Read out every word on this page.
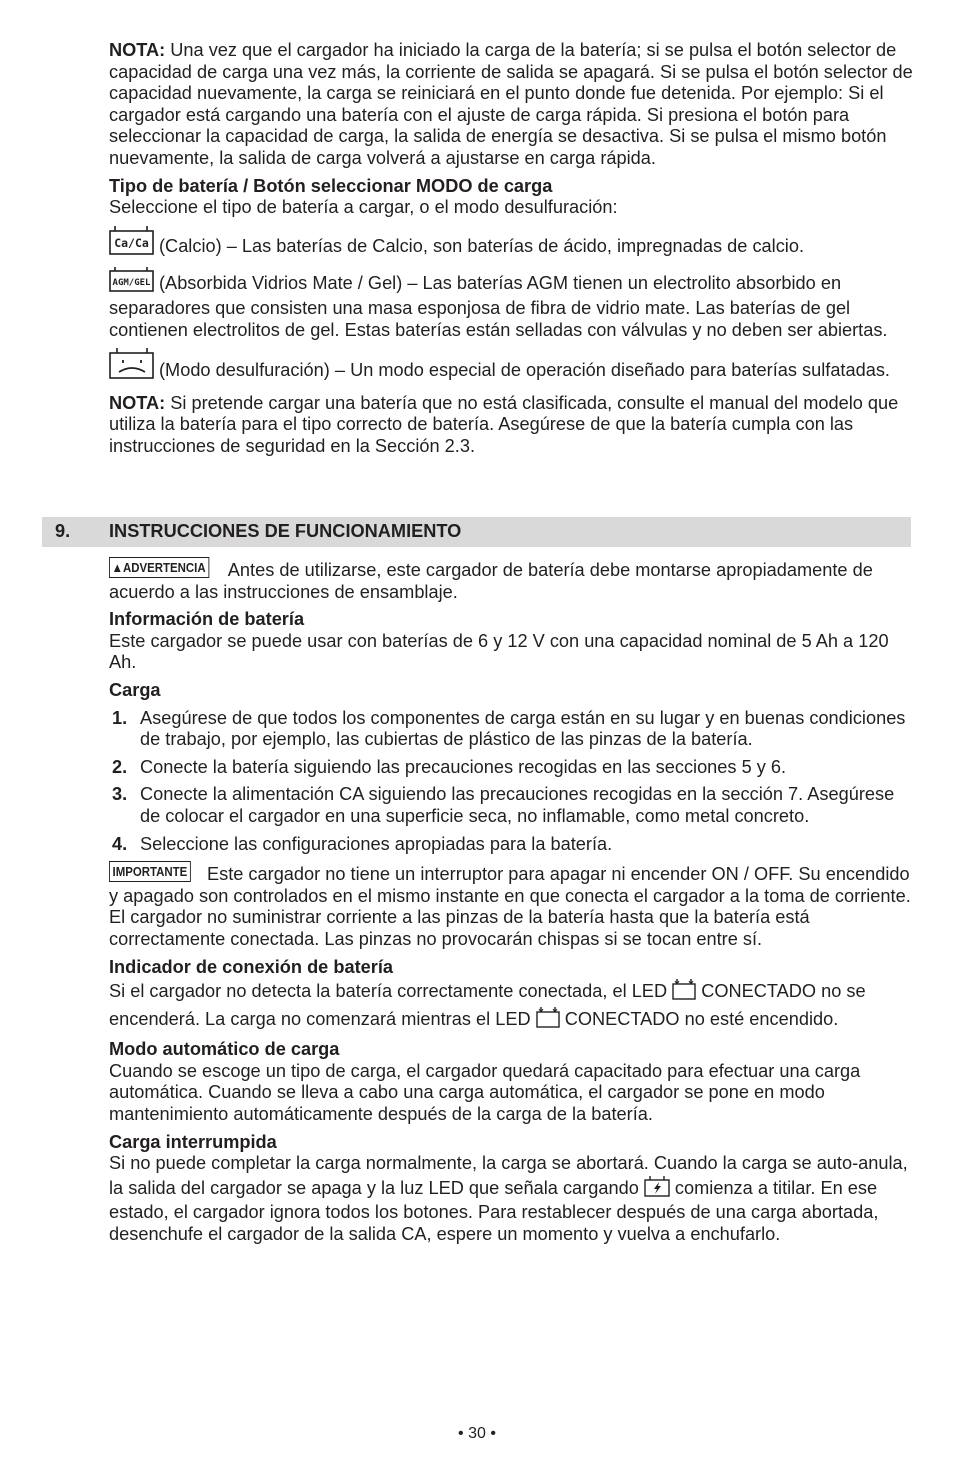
NOTA: Una vez que el cargador ha iniciado la carga de la batería; si se pulsa el botón selector de capacidad de carga una vez más, la corriente de salida se apagará. Si se pulsa el botón selector de capacidad nuevamente, la carga se reiniciará en el punto donde fue detenida. Por ejemplo: Si el cargador está cargando una batería con el ajuste de carga rápida. Si presiona el botón para seleccionar la capacidad de carga, la salida de energía se desactiva. Si se pulsa el mismo botón nuevamente, la salida de carga volverá a ajustarse en carga rápida.

Tipo de batería / Botón seleccionar MODO de carga

Seleccione el tipo de batería a cargar, o el modo desulfuración:

Ca/Ca (Calcio) – Las baterías de Calcio, son baterías de ácido, impregnadas de calcio.

AGM/GEL (Absorbida Vidrios Mate / Gel) – Las baterías AGM tienen un electrolito absorbido en separadores que consisten una masa esponjosa de fibra de vidrio mate. Las baterías de gel contienen electrolitos de gel. Estas baterías están selladas con válvulas y no deben ser abiertas.

(Modo desulfuración) – Un modo especial de operación diseñado para baterías sulfatadas.

NOTA: Si pretende cargar una batería que no está clasificada, consulte el manual del modelo que utiliza la batería para el tipo correcto de batería. Asegúrese de que la batería cumpla con las instrucciones de seguridad en la Sección 2.3.

9. INSTRUCCIONES DE FUNCIONAMIENTO

▲ADVERTENCIA Antes de utilizarse, este cargador de batería debe montarse apropiadamente de acuerdo a las instrucciones de ensamblaje.

Información de batería

Este cargador se puede usar con baterías de 6 y 12 V con una capacidad nominal de 5 Ah a 120 Ah.

Carga

1. Asegúrese de que todos los componentes de carga están en su lugar y en buenas condiciones de trabajo, por ejemplo, las cubiertas de plástico de las pinzas de la batería.
2. Conecte la batería siguiendo las precauciones recogidas en las secciones 5 y 6.
3. Conecte la alimentación CA siguiendo las precauciones recogidas en la sección 7. Asegúrese de colocar el cargador en una superficie seca, no inflamable, como metal concreto.
4. Seleccione las configuraciones apropiadas para la batería.

IMPORTANTE Este cargador no tiene un interruptor para apagar ni encender ON / OFF. Su encendido y apagado son controlados en el mismo instante en que conecta el cargador a la toma de corriente. El cargador no suministrar corriente a las pinzas de la batería hasta que la batería está correctamente conectada. Las pinzas no provocarán chispas si se tocan entre sí.

Indicador de conexión de batería

Si el cargador no detecta la batería correctamente conectada, el LED  CONECTADO no se encenderá. La carga no comenzará mientras el LED  CONECTADO no esté encendido.

Modo automático de carga

Cuando se escoge un tipo de carga, el cargador quedará capacitado para efectuar una carga automática. Cuando se lleva a cabo una carga automática, el cargador se pone en modo mantenimiento automáticamente después de la carga de la batería.

Carga interrumpida

Si no puede completar la carga normalmente, la carga se abortará. Cuando la carga se auto-anula, la salida del cargador se apaga y la luz LED que señala cargando  comienza a titilar. En ese estado, el cargador ignora todos los botones. Para restablecer después de una carga abortada, desenchufe el cargador de la salida CA, espere un momento y vuelva a enchufarlo.

• 30 •
